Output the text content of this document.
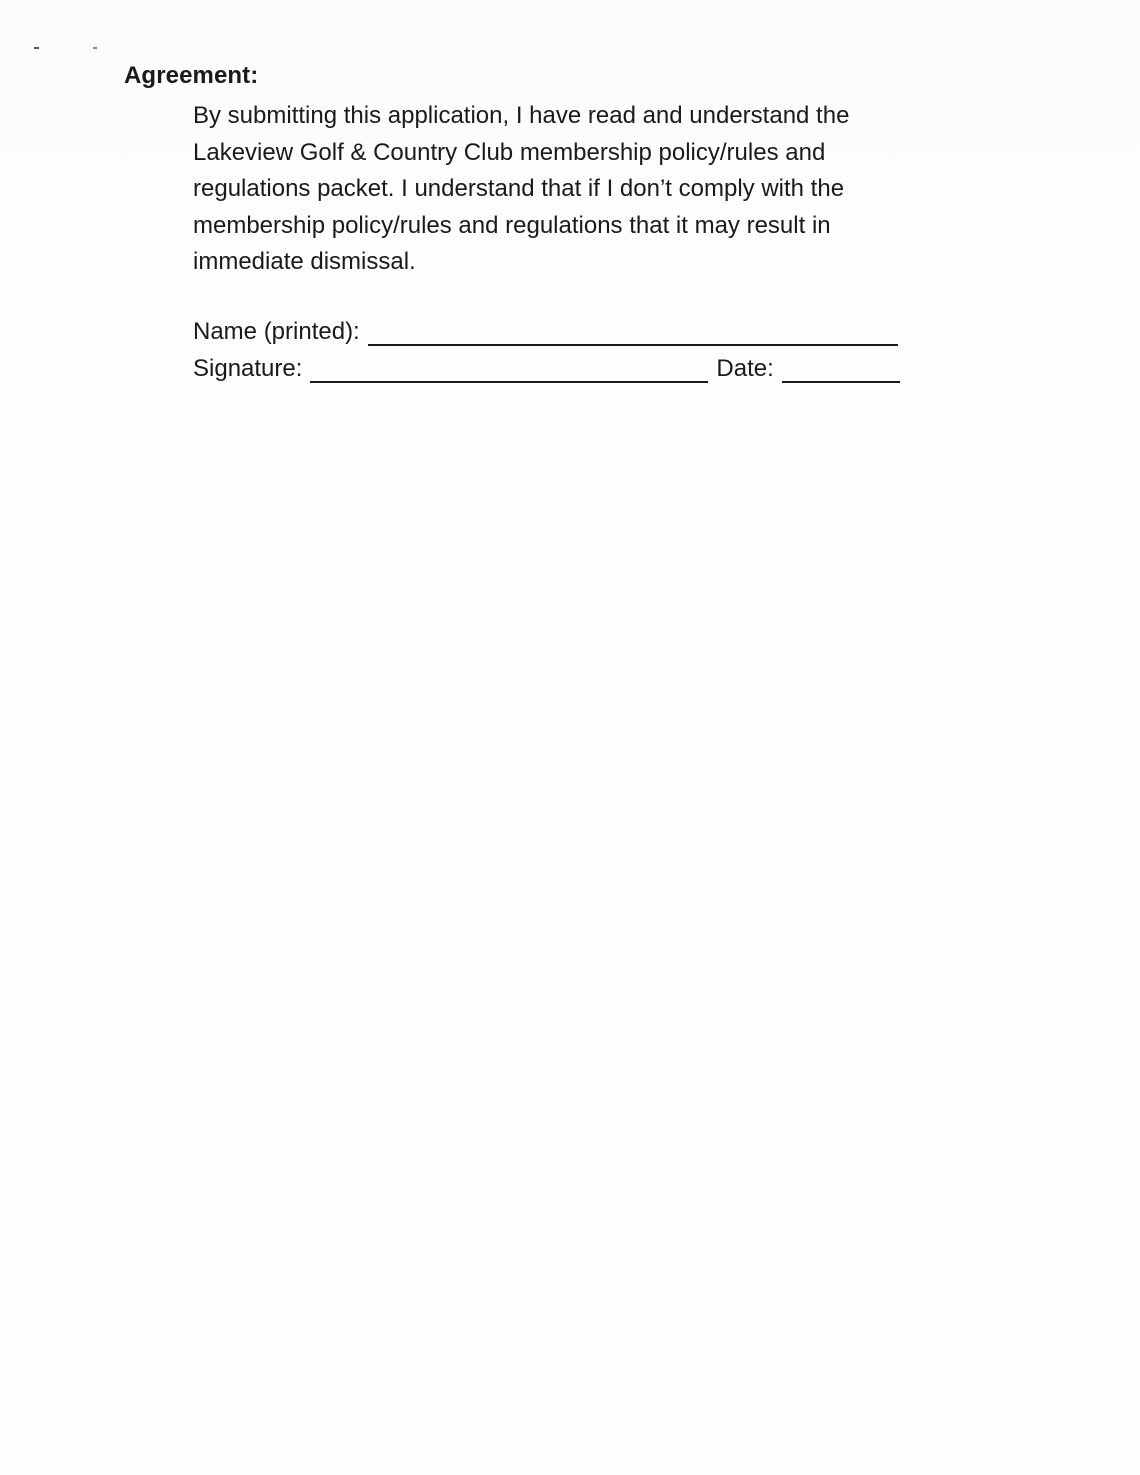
Agreement:
By submitting this application, I have read and understand the
Lakeview Golf & Country Club membership policy/rules and
regulations packet. I understand that if I don’t comply with the
membership policy/rules and regulations that it may result in
immediate dismissal.
Name (printed):
Signature:	Date:
